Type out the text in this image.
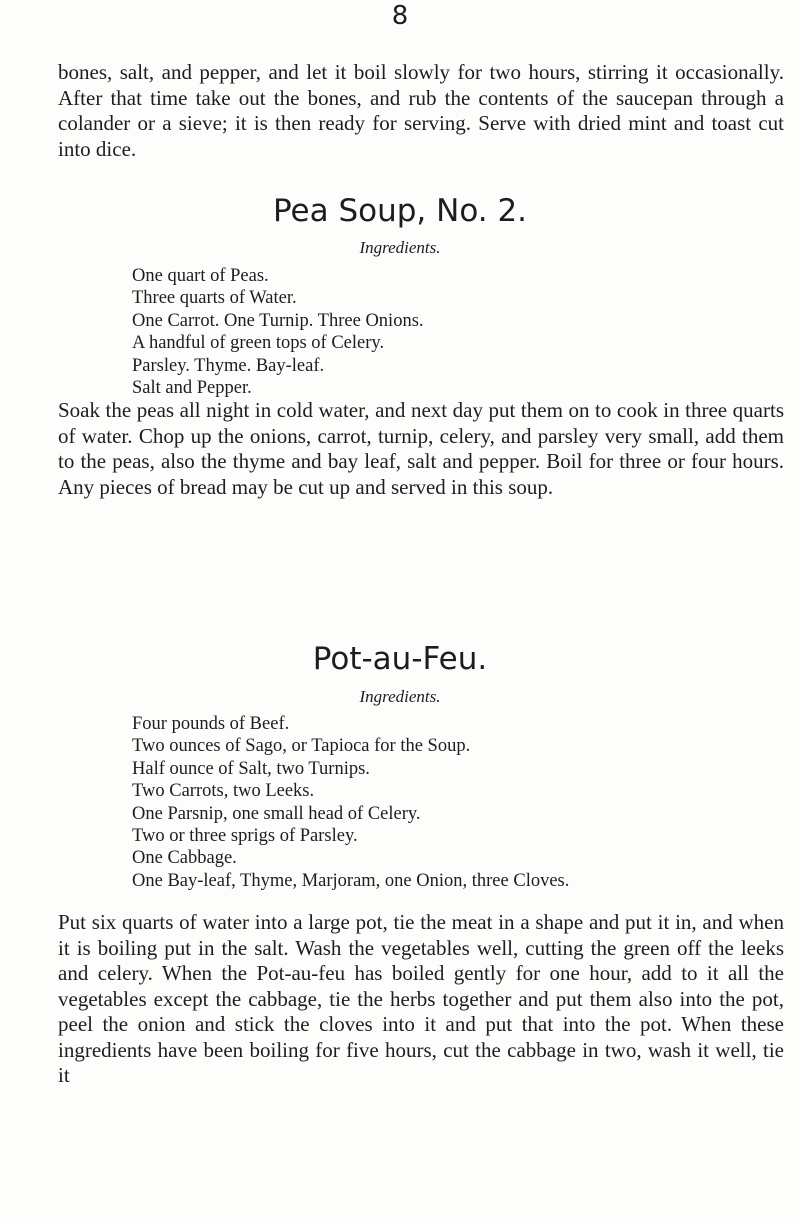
8

bones, salt, and pepper, and let it boil slowly for two hours, stirring it occasionally. After that time take out the bones, and rub the contents of the saucepan through a colander or a sieve; it is then ready for serving. Serve with dried mint and toast cut into dice.

Pea Soup, No. 2.
Ingredients.
One quart of Peas.
Three quarts of Water.
One Carrot. One Turnip. Three Onions.
A handful of green tops of Celery.
Parsley. Thyme. Bay-leaf.
Salt and Pepper.

Soak the peas all night in cold water, and next day put them on to cook in three quarts of water. Chop up the onions, carrot, turnip, celery, and parsley very small, add them to the peas, also the thyme and bay leaf, salt and pepper. Boil for three or four hours. Any pieces of bread may be cut up and served in this soup.

Pot-au-Feu.
Ingredients.
Four pounds of Beef.
Two ounces of Sago, or Tapioca for the Soup.
Half ounce of Salt, two Turnips.
Two Carrots, two Leeks.
One Parsnip, one small head of Celery.
Two or three sprigs of Parsley.
One Cabbage.
One Bay-leaf, Thyme, Marjoram, one Onion, three Cloves.

Put six quarts of water into a large pot, tie the meat in a shape and put it in, and when it is boiling put in the salt. Wash the vegetables well, cutting the green off the leeks and celery. When the Pot-au-feu has boiled gently for one hour, add to it all the vegetables except the cabbage, tie the herbs together and put them also into the pot, peel the onion and stick the cloves into it and put that into the pot. When these ingredients have been boiling for five hours, cut the cabbage in two, wash it well, tie it
